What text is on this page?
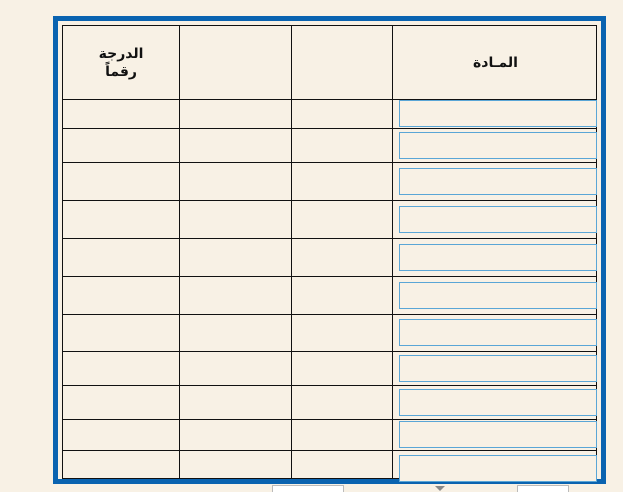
الدرجة
رقماً
المـادة
